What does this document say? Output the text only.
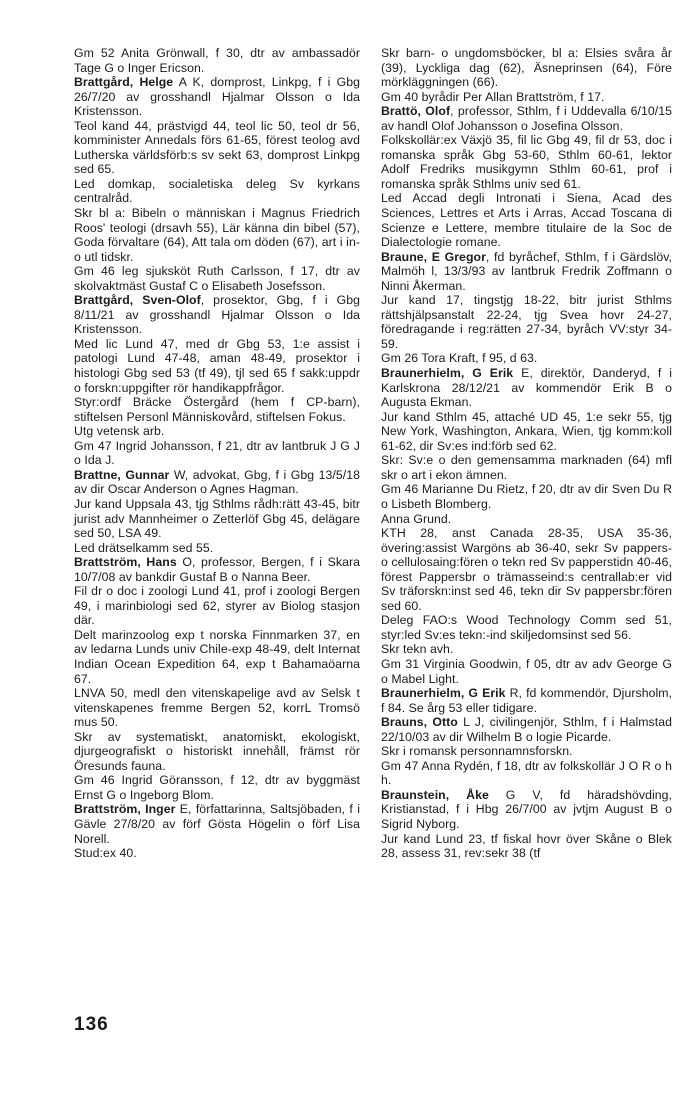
Gm 52 Anita Grönwall, f 30, dtr av ambassadör Tage G o Inger Ericson.

Brattgård, Helge A K, domprost, Linkpg, f i Gbg 26/7/20 av grosshandl Hjalmar Olsson o Ida Kristensson.

Teol kand 44, prästvigd 44, teol lic 50, teol dr 56, komminister Annedals förs 61-65, förest teolog avd Lutherska världsförb:s sv sekt 63, domprost Linkpg sed 65.

Led domkap, socialetiska deleg Sv kyrkans centralråd.

Skr bl a: Bibeln o människan i Magnus Friedrich Roos' teologi (drsavh 55), Lär känna din bibel (57), Goda förvaltare (64), Att tala om döden (67), art i in- o utl tidskr.

Gm 46 leg sjuksköt Ruth Carlsson, f 17, dtr av skolvaktmäst Gustaf C o Elisabeth Josefsson.

Brattgård, Sven-Olof, prosektor, Gbg, f i Gbg 8/11/21 av grosshandl Hjalmar Olsson o Ida Kristensson.

Med lic Lund 47, med dr Gbg 53, 1:e assist i patologi Lund 47-48, aman 48-49, prosektor i histologi Gbg sed 53 (tf 49), tjl sed 65 f sakk:uppdr o forskn:uppgifter rör handikappfrågor.

Styr:ordf Bräcke Östergård (hem f CP-barn), stiftelsen Personl Människovård, stiftelsen Fokus.

Utg vetensk arb.

Gm 47 Ingrid Johansson, f 21, dtr av lantbruk J G J o Ida J.

Brattne, Gunnar W, advokat, Gbg, f i Gbg 13/5/18 av dir Oscar Anderson o Agnes Hagman.

Jur kand Uppsala 43, tjg Sthlms rådh:rätt 43-45, bitr jurist adv Mannheimer o Zetterlöf Gbg 45, delägare sed 50, LSA 49.

Led drätselkamm sed 55.

Brattström, Hans O, professor, Bergen, f i Skara 10/7/08 av bankdir Gustaf B o Nanna Beer.

Fil dr o doc i zoologi Lund 41, prof i zoologi Bergen 49, i marinbiologi sed 62, styrer av Biolog stasjon där.

Delt marinzoolog exp t norska Finnmarken 37, en av ledarna Lunds univ Chile-exp 48-49, delt Internat Indian Ocean Expedition 64, exp t Bahamaöarna 67.

LNVA 50, medl den vitenskapelige avd av Selsk t vitenskapenes fremme Bergen 52, korrL Tromsö mus 50.

Skr av systematiskt, anatomiskt, ekologiskt, djurgeografiskt o historiskt innehåll, främst rör Öresunds fauna.

Gm 46 Ingrid Göransson, f 12, dtr av byggmäst Ernst G o Ingeborg Blom.

Brattström, Inger E, författarinna, Saltsjöbaden, f i Gävle 27/8/20 av förf Gösta Högelin o förf Lisa Norell.

Stud:ex 40.

Skr barn- o ungdomsböcker, bl a: Elsies svåra år (39), Lyckliga dag (62), Äsneprinsen (64), Före mörkläggningen (66).

Gm 40 byrådir Per Allan Brattström, f 17.

Brattö, Olof, professor, Sthlm, f i Uddevalla 6/10/15 av handl Olof Johansson o Josefina Olsson.

Folkskollär:ex Växjö 35, fil lic Gbg 49, fil dr 53, doc i romanska språk Gbg 53-60, Sthlm 60-61, lektor Adolf Fredriks musikgymn Sthlm 60-61, prof i romanska språk Sthlms univ sed 61.

Led Accad degli Intronati i Siena, Acad des Sciences, Lettres et Arts i Arras, Accad Toscana di Scienze e Lettere, membre titulaire de la Soc de Dialectologie romane.

Braune, E Gregor, fd byråchef, Sthlm, f i Gärdslöv, Malmöh l, 13/3/93 av lantbruk Fredrik Zoffmann o Ninni Åkerman.

Jur kand 17, tingstjg 18-22, bitr jurist Sthlms rättshjälpsanstalt 22-24, tjg Svea hovr 24-27, föredragande i reg:rätten 27-34, byråch VV:styr 34-59.

Gm 26 Tora Kraft, f 95, d 63.

Braunerhielm, G Erik E, direktör, Danderyd, f i Karlskrona 28/12/21 av kommendör Erik B o Augusta Ekman.

Jur kand Sthlm 45, attaché UD 45, 1:e sekr 55, tjg New York, Washington, Ankara, Wien, tjg komm:koll 61-62, dir Sv:es ind:förb sed 62.

Skr: Sv:e o den gemensamma marknaden (64) mfl skr o art i ekon ämnen.

Gm 46 Marianne Du Rietz, f 20, dtr av dir Sven Du R o Lisbeth Blomberg.

Anna Grund.

KTH 28, anst Canada 28-35, USA 35-36, övering:assist Wargöns ab 36-40, sekr Sv pappers- o cellulosaing:fören o tekn red Sv papperstidn 40-46, förest Pappersbr o trämasseind:s centrallab:er vid Sv träforskn:inst sed 46, tekn dir Sv pappersbr:fören sed 60.

Deleg FAO:s Wood Technology Comm sed 51, styr:led Sv:es tekn:-ind skiljedomsinst sed 56.

Skr tekn avh.

Gm 31 Virginia Goodwin, f 05, dtr av adv George G o Mabel Light.

Braunerhielm, G Erik R, fd kommendör, Djursholm, f 84. Se årg 53 eller tidigare.

Brauns, Otto L J, civilingenjör, Sthlm, f i Halmstad 22/10/03 av dir Wilhelm B o logie Picarde.

Skr i romansk personnamnsforskn.

Gm 47 Anna Rydén, f 18, dtr av folkskollär J O R o h h.

Braunstein, Åke G V, fd häradshövding, Kristianstad, f i Hbg 26/7/00 av jvtjm August B o Sigrid Nyborg.

Jur kand Lund 23, tf fiskal hovr över Skåne o Blek 28, assess 31, rev:sekr 38 (tf

136
